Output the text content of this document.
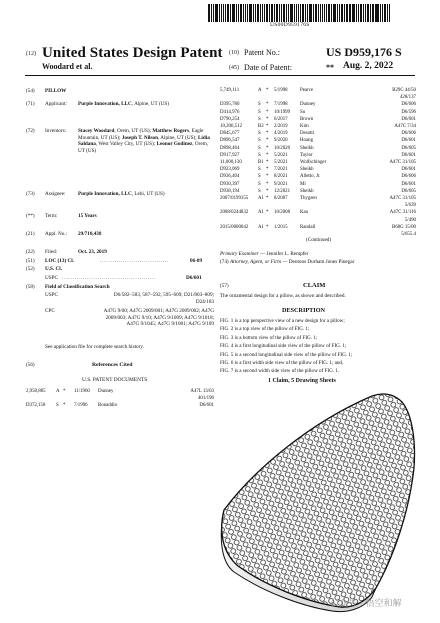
US00D959176S
(12) United States Design Patent
Woodard et al.
(10) Patent No.:	US D959,176 S
(45) Date of Patent:	** Aug. 2, 2022
(54) PILLOW
(71) Applicant: Purple Innovation, LLC, Alpine, UT (US)
(72) Inventors: Stacey Woodard, Orem, UT (US); Matthew Rogers, Eagle Mountain, UT (US); Joseph T. Nilson, Alpine, UT (US); Lidia Saldana, West Valley City, UT (US); Leonor Godinez, Orem, UT (US)
(73) Assignee: Purple Innovation, LLC, Lehi, UT (US)
(**) Term:	15 Years
(21) Appl. No.: 29/710,438
(22) Filed:	Oct. 23, 2019
(51) LOC (13) Cl.	.................................	06-09
(52) U.S. Cl.
USPC .............................................	D6/601
(58) Field of Classification Search
USPC	D6/582–583, 587–592, 595–609; D21/803–809; D24/183
CPC	A47G 9/00; A47G 2009/001; A47G 2009/002; A47G 2009/003; A47G 9/10; A47G 9/1009; A47G 9/1018; A47G 9/1045; A47G 9/1081; A47G 9/109
See application file for complete search history.
(56)	References Cited
U.S. PATENT DOCUMENTS
2,958,885 A * 11/1960 Dunney	A47L 13/03
401/196
D372,158 S * 7/1996 Bonaddio	D6/601
5,749,111	A * 5/1998	Pearce	B29C 44/50
428/137
D395,780	S * 7/1998	Dunney	D6/606
D414,976	S * 10/1999 Su	D6/596
D790,254	S * 6/2017	Brown	D6/601
10,206,512	B2 * 2/2019	Kim	A47C 7/34
D845,677	S * 4/2019	Desotti	D6/606
D896,547	S * 9/2020	Hoang	D6/601
D898,464	S * 10/2020 Sheikh	D6/605
D917,927	S * 5/2021	Taylor	D6/601
11,000,130	B1 * 5/2021	Wolfschinger	A47C 31/105
D923,069	S * 7/2021	Sheikh	D6/601
D936,404	S * 8/2021	Alletto, Jr.	D6/606
D930,397	S * 9/2021	Mi	D6/601
D938,194	S * 12/2021 Sheikh	D6/605
2007/0199155 A1 * 8/2007	Thygsen	A47C 31/105
5/639
2008/0244832 A1 * 10/2008 Kao	A47C 31/116
5/490
2015/0000042 A1 * 1/2015	Randall	B68G 15/00
5/655.4
(Continued)
Primary Examiner — Jennifer L. Rempfer
(74) Attorney, Agent, or Firm — Dentons Durham Jones Pinegar
(57)	CLAIM
The ornamental design for a pillow, as shown and described.
DESCRIPTION
FIG. 1 is a top perspective view of a new design for a pillow;
FIG. 2 is a top view of the pillow of FIG. 1;
FIG. 3 is a bottom view of the pillow of FIG. 1;
FIG. 4 is a first longitudinal side view of the pillow of FIG. 1;
FIG. 5 is a second longitudinal side view of the pillow of FIG. 1;
FIG. 6 is a first width side view of the pillow of FIG. 1; and,
FIG. 7 is a second width side view of the pillow of FIG. 1.
1 Claim, 5 Drawing Sheets
公众号 · 悟空和解
